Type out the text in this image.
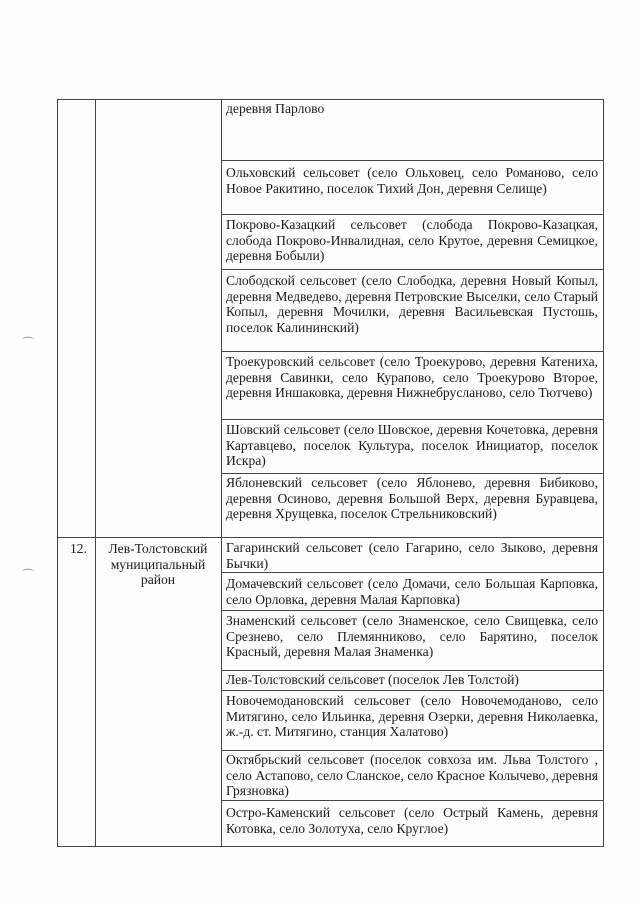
⌒
⌒
деревня Парлово
Ольховский сельсовет (село Ольховец, село Романово, село Новое Ракитино, поселок Тихий Дон, деревня Селище)
Покрово-Казацкий сельсовет (слобода Покрово-Казацкая, слобода Покрово-Инвалидная, село Крутое, деревня Семицкое, деревня Бобыли)
Слободской сельсовет (село Слободка, деревня Новый Копыл, деревня Медведево, деревня Петровские Выселки, село Старый Копыл, деревня Мочилки, деревня Васильевская Пустошь, поселок Калининский)
Троекуровский сельсовет (село Троекурово, деревня Катениха, деревня Савинки, село Курапово, село Троекурово Второе, деревня Иншаковка, деревня Нижнебрусланово, село Тютчево)
Шовский сельсовет (село Шовское, деревня Кочетовка, деревня Картавцево, поселок Культура, поселок Инициатор, поселок Искра)
Яблоневский сельсовет (село Яблонево, деревня Бибиково, деревня Осиново, деревня Большой Верх, деревня Буравцева, деревня Хрущевка, поселок Стрельниковский)
12.	Лев-Толстовский муниципальный район
Гагаринский сельсовет (село Гагарино, село Зыково, деревня Бычки)
Домачевский сельсовет (село Домачи, село Большая Карповка, село Орловка, деревня Малая Карповка)
Знаменский сельсовет (село Знаменское, село Свищевка, село Срезнево, село Племянниково, село Барятино, поселок Красный, деревня Малая Знаменка)
Лев-Толстовский сельсовет (поселок Лев Толстой)
Новочемодановский сельсовет (село Новочемоданово, село Митягино, село Ильинка, деревня Озерки, деревня Николаевка, ж.-д. ст. Митягино, станция Халатово)
Октябрьский сельсовет (поселок совхоза им. Льва Толстого , село Астапово, село Сланское, село Красное Колычево, деревня Грязновка)
Остро-Каменский сельсовет (село Острый Камень, деревня Котовка, село Золотуха, село Круглое)
